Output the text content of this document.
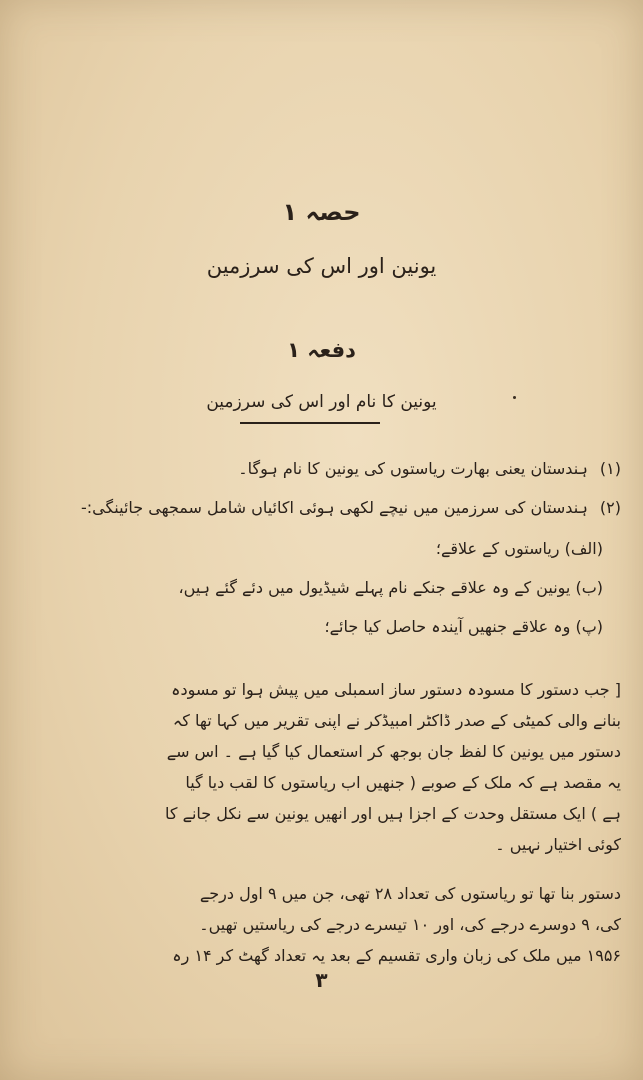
حصہ ۱
یونین اور اس کی سرزمین
دفعہ ۱
یونین کا نام اور اس کی سرزمین
(۱) ہندستان یعنی بھارت ریاستوں کی یونین کا نام ہوگا۔
(۲) ہندستان کی سرزمین میں نیچے لکھی ہوئی اکائیاں شامل سمجھی جائینگی:-
(الف) ریاستوں کے علاقے؛
(ب) یونین کے وہ علاقے جنکے نام پہلے شیڈیول میں دئے گئے ہیں،
(پ) وہ علاقے جنھیں آیندہ حاصل کیا جائے؛

[ جب دستور کا مسودہ دستور ساز اسمبلی میں پیش ہوا تو مسودہ

بنانے والی کمیٹی کے صدر ڈاکٹر امبیڈکر نے اپنی تقریر میں کہا تھا کہ

دستور میں یونین کا لفظ جان بوجھ کر استعمال کیا گیا ہے ۔ اس سے

یہ مقصد ہے کہ ملک کے صوبے ( جنھیں اب ریاستوں کا لقب دیا گیا

ہے ) ایک مستقل وحدت کے اجزا ہیں اور انھیں یونین سے نکل جانے کا

کوئی اختیار نہیں ۔

دستور بنا تھا تو ریاستوں کی تعداد ۲۸ تھی، جن میں ۹ اول درجے

کی، ۹ دوسرے درجے کی، اور ۱۰ تیسرے درجے کی ریاستیں تھیں۔

۱۹۵۶ میں ملک کی زبان واری تقسیم کے بعد یہ تعداد گھٹ کر ۱۴ رہ

۳
